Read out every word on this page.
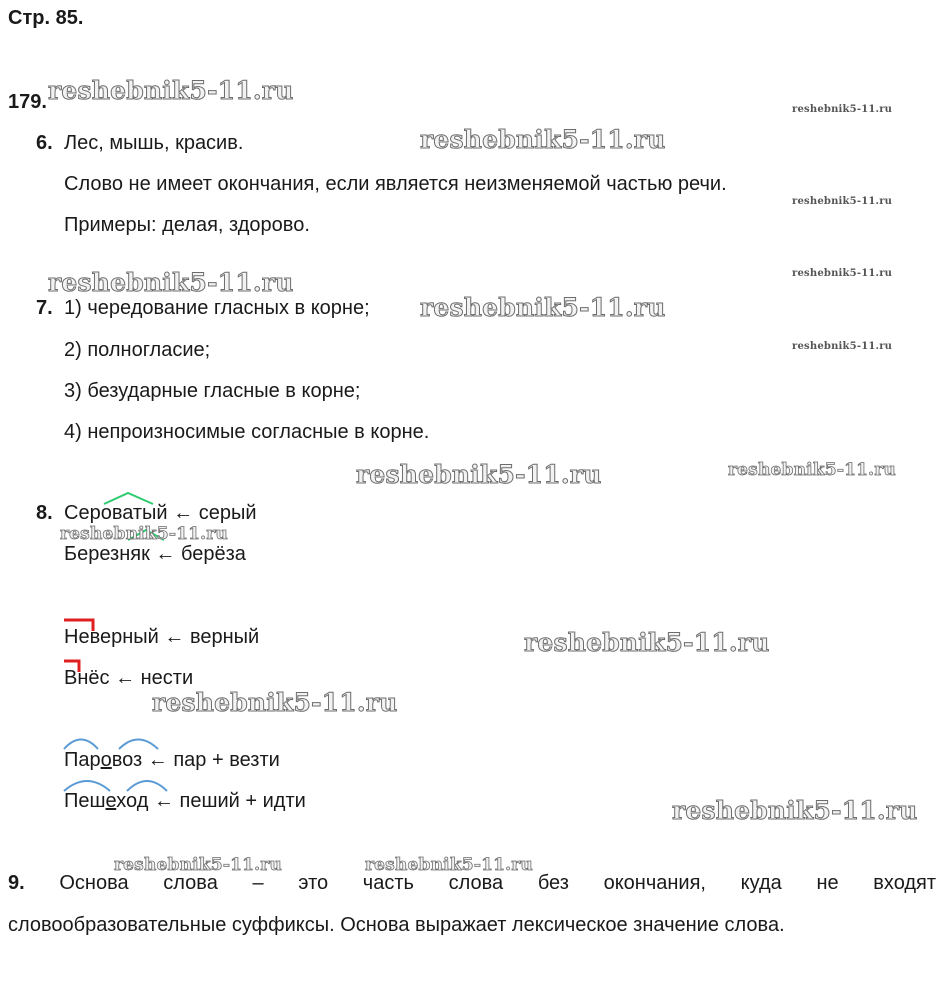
Стр. 85.
179.
6. Лес, мышь, красив.
Слово не имеет окончания, если является неизменяемой частью речи.
Примеры: делая, здорово.
7. 1) чередование гласных в корне;
2) полногласие;
3) безударные гласные в корне;
4) непроизносимые согласные в корне.
8. Сероватый ← серый
Березняк ← берёза
Неверный ← верный
Внёс ← нести
Паровоз ← пар + везти
Пешеход ← пеший + идти
9. Основа слова – это часть слова без окончания, куда не входят
словообразовательные суффиксы. Основа выражает лексическое значение слова.
reshebnik5-11.ru
reshebnik5-11.ru
reshebnik5-11.ru
reshebnik5-11.ru
reshebnik5-11.ru	reshebnik5-11.ru
reshebnik5-11.ru
reshebnik5-11.ru
reshebnik5-11.ru	reshebnik5-11.ru
reshebnik5-11.ru
reshebnik5-11.ru
reshebnik5-11.ru
reshebnik5-11.ru
reshebnik5-11.ru	reshebnik5-11.ru
